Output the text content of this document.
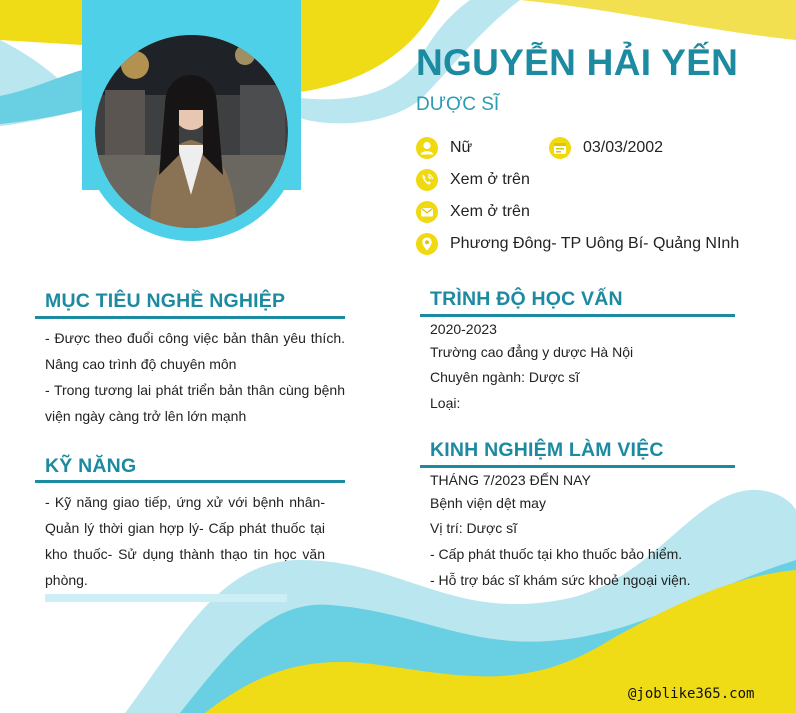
NGUYỄN HẢI YẾN
DƯỢC SĨ
Nữ	03/03/2002
Xem ở trên
Xem ở trên
Phương Đông- TP Uông Bí- Quảng NInh
MỤC TIÊU NGHỀ NGHIỆP

- Được theo đuổi công việc bản thân yêu thích. Nâng cao trình độ chuyên môn

- Trong tương lai phát triển bản thân cùng bệnh viện ngày càng trở lên lớn mạnh

KỸ NĂNG

- Kỹ năng giao tiếp, ứng xử với bệnh nhân- Quản lý thời gian hợp lý- Cấp phát thuốc tại kho thuốc- Sử dụng thành thạo tin học văn phòng.

TRÌNH ĐỘ HỌC VẤN
2020-2023
Trường cao đẳng y dược Hà Nội
Chuyên ngành: Dược sĩ
Loại:
KINH NGHIỆM LÀM VIỆC
THÁNG 7/2023 ĐẾN NAY
Bệnh viện dệt may
Vị trí: Dược sĩ
- Cấp phát thuốc tại kho thuốc bảo hiểm.
- Hỗ trợ bác sĩ khám sức khoẻ ngoại viện.
@joblike365.com
